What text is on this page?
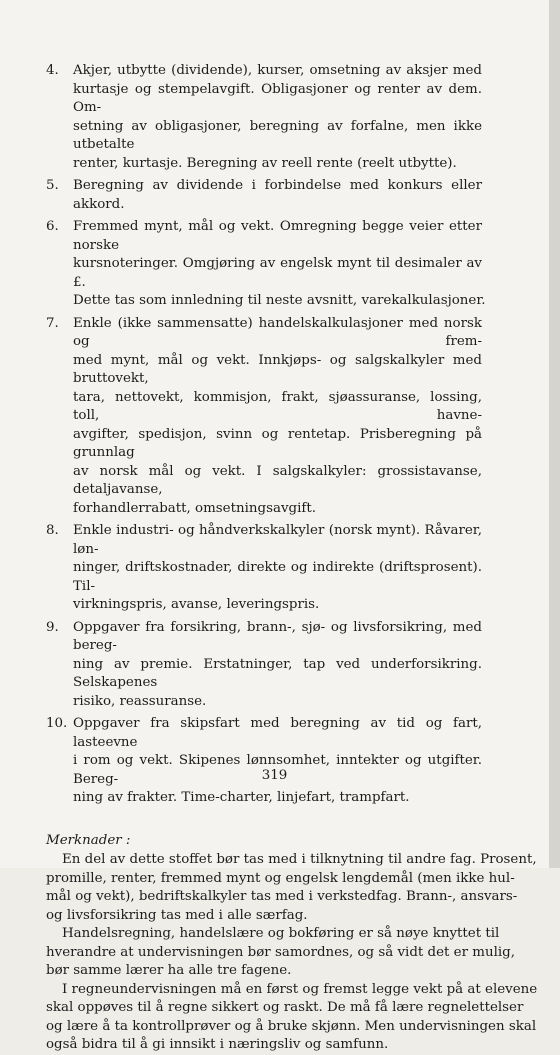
4. Akjer, utbytte (dividende), kurser, omsetning av aksjer med
kurtasje og stempelavgift. Obligasjoner og renter av dem. Om-
setning av obligasjoner, beregning av forfalne, men ikke utbetalte
renter, kurtasje. Beregning av reell rente (reelt utbytte).
5. Beregning av dividende i forbindelse med konkurs eller akkord.
6. Fremmed mynt, mål og vekt. Omregning begge veier etter norske
kursnoteringer. Omgjøring av engelsk mynt til desimaler av £.
Dette tas som innledning til neste avsnitt, varekalkulasjoner.
7. Enkle (ikke sammensatte) handelskalkulasjoner med norsk og frem-
med mynt, mål og vekt. Innkjøps- og salgskalkyler med bruttovekt,
tara, nettovekt, kommisjon, frakt, sjøassuranse, lossing, toll, havne-
avgifter, spedisjon, svinn og rentetap. Prisberegning på grunnlag
av norsk mål og vekt. I salgskalkyler: grossistavanse, detaljavanse,
forhandlerrabatt, omsetningsavgift.
8. Enkle industri- og håndverkskalkyler (norsk mynt). Råvarer, løn-
ninger, driftskostnader, direkte og indirekte (driftsprosent). Til-
virkningspris, avanse, leveringspris.
9. Oppgaver fra forsikring, brann-, sjø- og livsforsikring, med bereg-
ning av premie. Erstatninger, tap ved underforsikring. Selskapenes
risiko, reassuranse.
10. Oppgaver fra skipsfart med beregning av tid og fart, lasteevne
i rom og vekt. Skipenes lønnsomhet, inntekter og utgifter. Bereg-
ning av frakter. Time-charter, linjefart, trampfart.
Merknader :

En del av dette stoffet bør tas med i tilknytning til andre fag. Prosent,
promille, renter, fremmed mynt og engelsk lengdemål (men ikke hul-
mål og vekt), bedriftskalkyler tas med i verkstedfag. Brann-, ansvars-
og livsforsikring tas med i alle særfag.

Handelsregning, handelslære og bokføring er så nøye knyttet til
hverandre at undervisningen bør samordnes, og så vidt det er mulig,
bør samme lærer ha alle tre fagene.

I regneundervisningen må en først og fremst legge vekt på at elevene
skal oppøves til å regne sikkert og raskt. De må få lære regnelettelser
og lære å ta kontrollprøver og å bruke skjønn. Men undervisningen skal
også bidra til å gi innsikt i næringsliv og samfunn.

319
